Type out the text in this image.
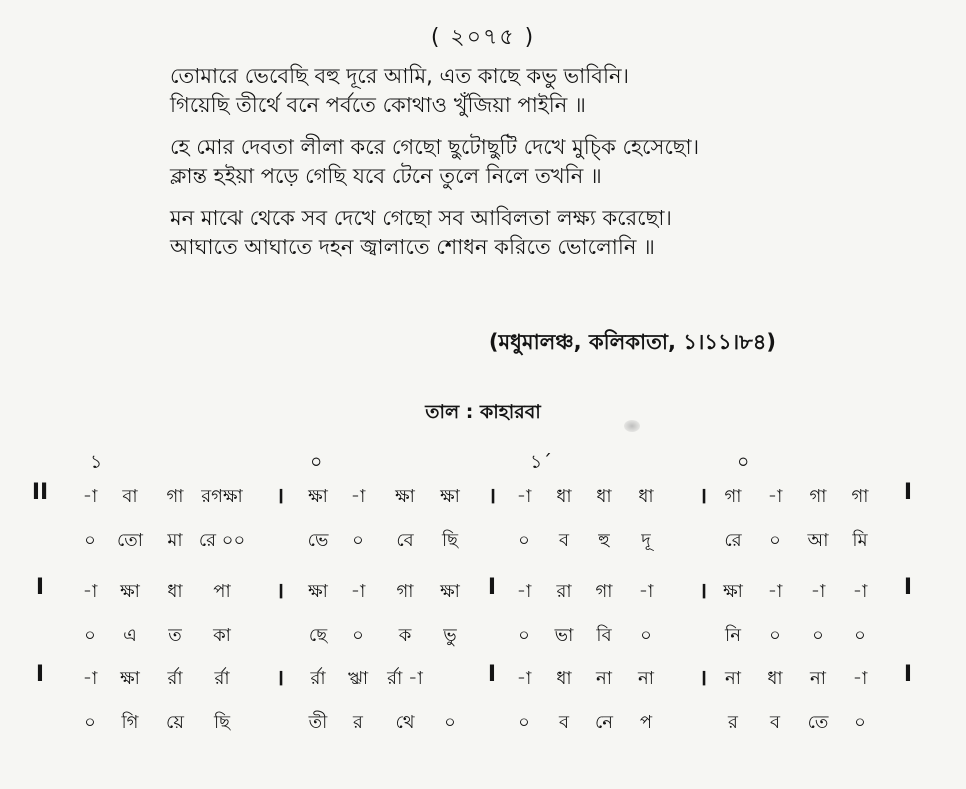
( ২০৭৫ )
তোমারে ভেবেছি বহু দূরে আমি, এত কাছে কভু ভাবিনি।
গিয়েছি তীর্থে বনে পর্বতে কোথাও খুঁজিয়া পাইনি ॥
হে মোর দেবতা লীলা করে গেছো ছুটোছুটি দেখে মুচ্কি হেসেছো।
ক্লান্ত হইয়া পড়ে গেছি যবে টেনে তুলে নিলে তখনি ॥
মন মাঝে থেকে সব দেখে গেছো সব আবিলতা লক্ষ্য করেছো।
আঘাতে আঘাতে দহন জ্বালাতে শোধন করিতে ভোলোনি ॥
(মধুমালঞ্চ, কলিকাতা, ১।১১।৮৪)
তাল : কাহারবা
১	০	১´	০
II	I
।	।	।
-া বা গা রগক্ষা	ক্ষা -া ক্ষা ক্ষা	-া ধা ধা ধা	গা -া গা গা
০ তো মা রে ০০	ভে ০ বে ছি	০ ব হু দূ	রে ০ আ মি
I	I
।	I	।
-া ক্ষা ধা পা	ক্ষা -া গা ক্ষা	-া রা গা -া	ক্ষা -া -া -া
০ এ ত কা	ছে ০ ক ভু	০ ভা বি ০	নি ০ ০ ০
I	I
।	I	।
-া ক্ষা র্রা র্রা	র্রা ঋ্রা র্রা -া	-া ধা না না	না ধা না -া
০ গি য়ে ছি	তী র থে ০	০ ব নে প	র ব তে ০
